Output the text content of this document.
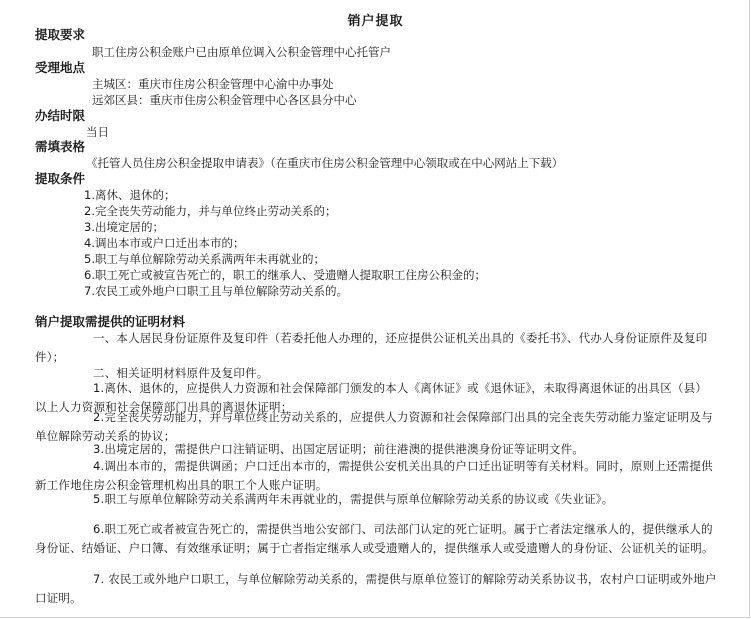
销户提取
提取要求
职工住房公积金账户已由原单位调入公积金管理中心托管户
受理地点
主城区：重庆市住房公积金管理中心渝中办事处
远郊区县：重庆市住房公积金管理中心各区县分中心
办结时限
当日
需填表格
《托管人员住房公积金提取申请表》（在重庆市住房公积金管理中心领取或在中心网站上下载）
提取条件
1.离休、退休的；
2.完全丧失劳动能力，并与单位终止劳动关系的；
3.出境定居的；
4.调出本市或户口迁出本市的；
5.职工与单位解除劳动关系满两年未再就业的；
6.职工死亡或被宣告死亡的，职工的继承人、受遗赠人提取职工住房公积金的；
7.农民工或外地户口职工且与单位解除劳动关系的。
销户提取需提供的证明材料
一、本人居民身份证原件及复印件（若委托他人办理的，还应提供公证机关出具的《委托书》、代办人身份证原件及复印件）；
二、相关证明材料原件及复印件。
1.离休、退休的，应提供人力资源和社会保障部门颁发的本人《离休证》或《退休证》，未取得离退休证的出具区（县）以上人力资源和社会保障部门出具的离退休证明；
2.完全丧失劳动能力，并与单位终止劳动关系的，应提供人力资源和社会保障部门出具的完全丧失劳动能力鉴定证明及与单位解除劳动关系的协议；
3.出境定居的，需提供户口注销证明、出国定居证明；前往港澳的提供港澳身份证等证明文件。
4.调出本市的，需提供调函；户口迁出本市的，需提供公安机关出具的户口迁出证明等有关材料。同时，原则上还需提供新工作地住房公积金管理机构出具的职工个人账户证明。
5.职工与原单位解除劳动关系满两年未再就业的，需提供与原单位解除劳动关系的协议或《失业证》。
6.职工死亡或者被宣告死亡的，需提供当地公安部门、司法部门认定的死亡证明。属于亡者法定继承人的，提供继承人的身份证、结婚证、户口簿、有效继承证明；属于亡者指定继承人或受遗赠人的，提供继承人或受遗赠人的身份证、公证机关的证明。
7. 农民工或外地户口职工，与单位解除劳动关系的，需提供与原单位签订的解除劳动关系协议书，农村户口证明或外地户口证明。
